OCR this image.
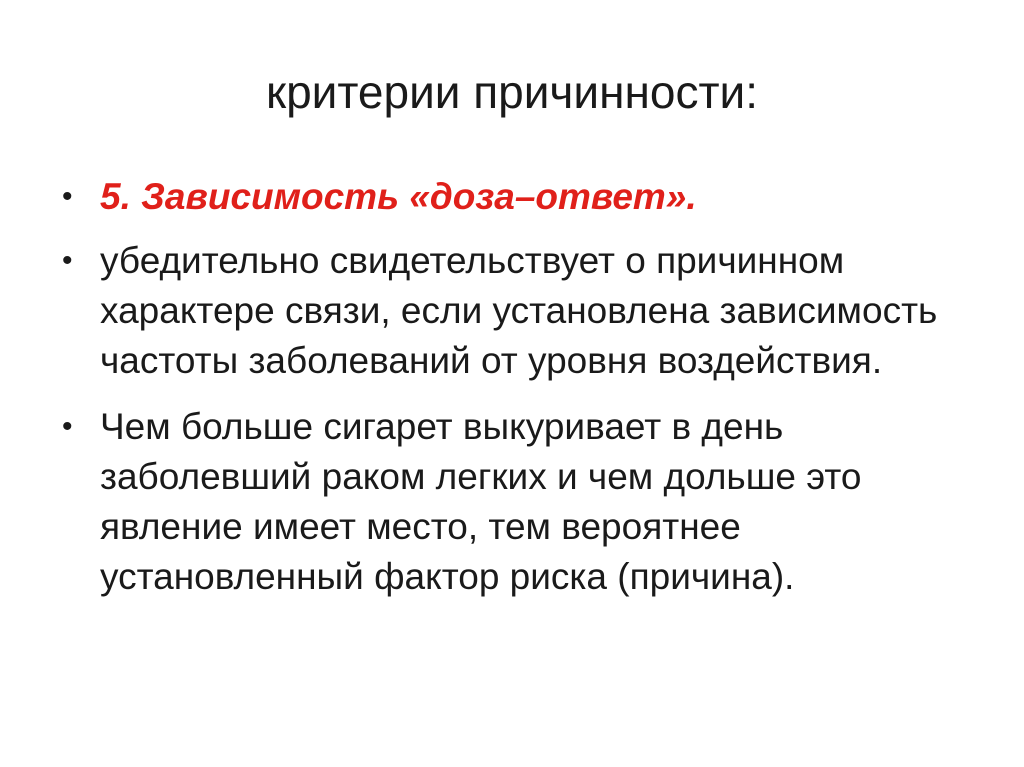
критерии причинности:
• 5. Зависимость «доза–ответ».
• убедительно свидетельствует о причинном характере связи, если установлена зависимость частоты заболеваний от уровня воздействия.
• Чем больше сигарет выкуривает в день заболевший раком легких и чем дольше это явление имеет место, тем вероятнее установленный фактор риска (причина).
